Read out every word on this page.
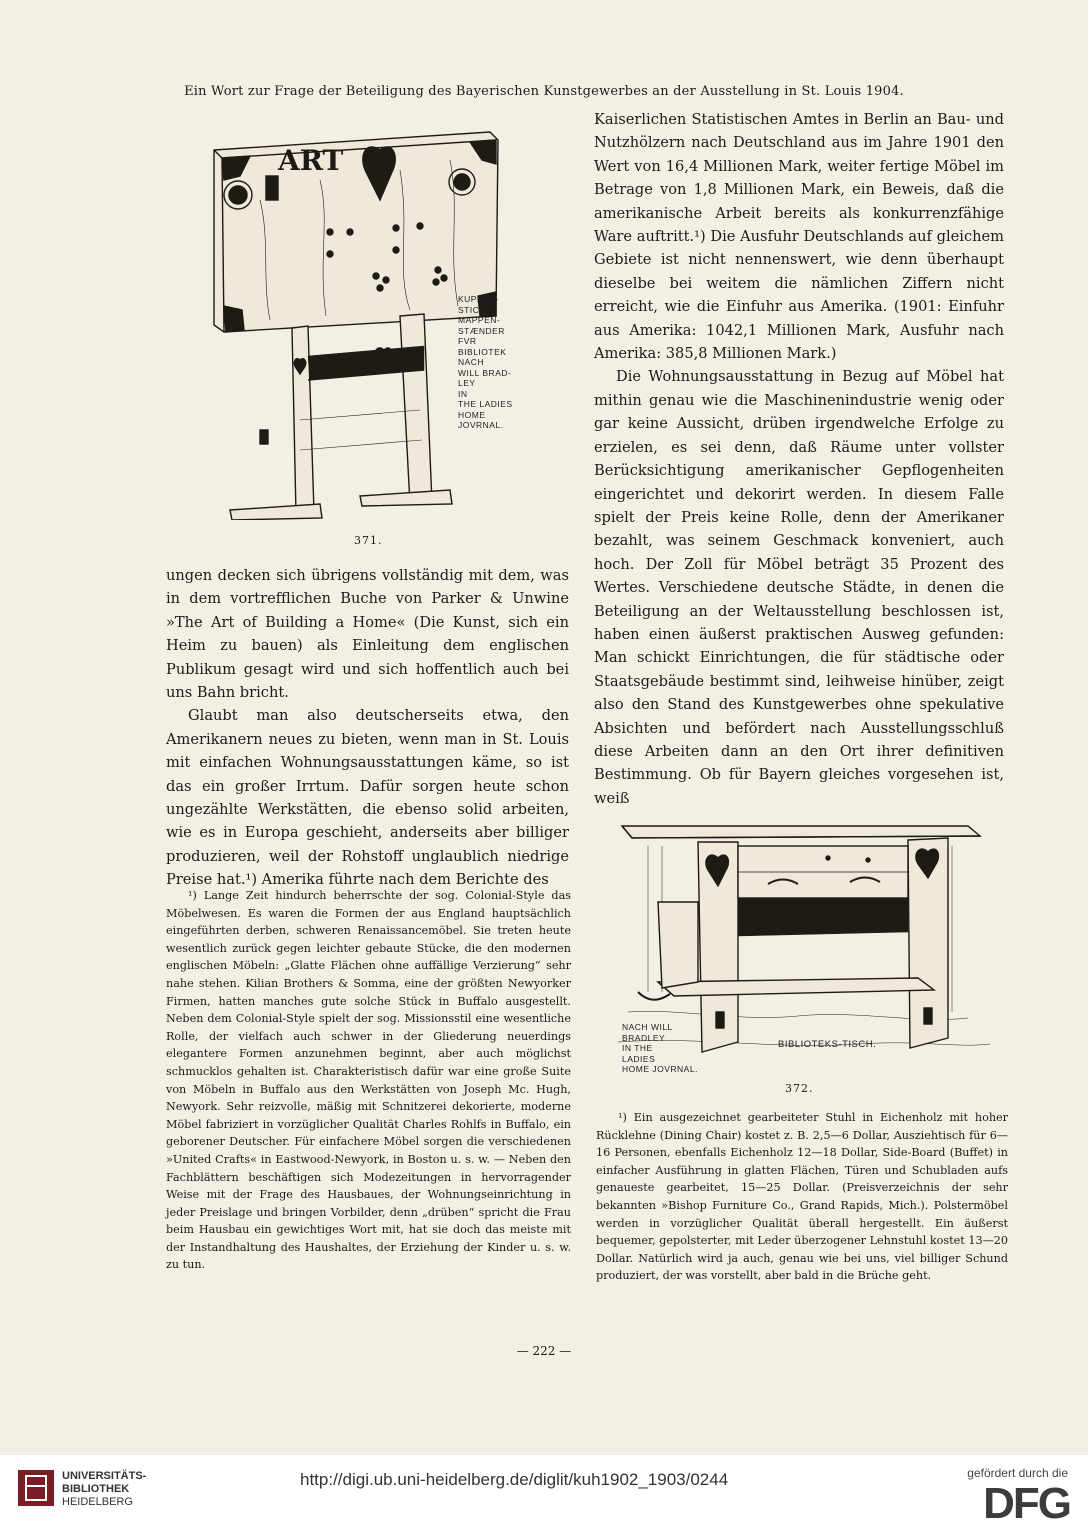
Ein Wort zur Frage der Beteiligung des Bayerischen Kunstgewerbes an der Ausstellung in St. Louis 1904.
ART
KUPFER-
STICH-
MAPPEN-
STÆNDER
FVR
BIBLIOTEK
NACH
WILL BRAD-
LEY
IN
THE LADIES
HOME
JOVRNAL.
371.

ungen decken sich übrigens vollständig mit dem, was in dem vortrefflichen Buche von Parker & Unwine »The Art of Building a Home« (Die Kunst, sich ein Heim zu bauen) als Einleitung dem englischen Publikum gesagt wird und sich hoffentlich auch bei uns Bahn bricht.

Glaubt man also deutscherseits etwa, den Amerikanern neues zu bieten, wenn man in St. Louis mit einfachen Wohnungsausstattungen käme, so ist das ein großer Irrtum. Dafür sorgen heute schon ungezählte Werkstätten, die ebenso solid arbeiten, wie es in Europa geschieht, anderseits aber billiger produzieren, weil der Rohstoff unglaublich niedrige Preise hat.¹) Amerika führte nach dem Berichte des

¹) Lange Zeit hindurch beherrschte der sog. Colonial-Style das Möbelwesen. Es waren die Formen der aus England hauptsächlich eingeführten derben, schweren Renaissancemöbel. Sie treten heute wesentlich zurück gegen leichter gebaute Stücke, die den modernen englischen Möbeln: „Glatte Flächen ohne auffällige Verzierung“ sehr nahe stehen. Kilian Brothers & Somma, eine der größten Newyorker Firmen, hatten manches gute solche Stück in Buffalo ausgestellt. Neben dem Colonial-Style spielt der sog. Missionsstil eine wesentliche Rolle, der vielfach auch schwer in der Gliederung neuerdings elegantere Formen anzunehmen beginnt, aber auch möglichst schmucklos gehalten ist. Charakteristisch dafür war eine große Suite von Möbeln in Buffalo aus den Werkstätten von Joseph Mc. Hugh, Newyork. Sehr reizvolle, mäßig mit Schnitzerei dekorierte, moderne Möbel fabriziert in vorzüglicher Qualität Charles Rohlfs in Buffalo, ein geborener Deutscher. Für einfachere Möbel sorgen die verschiedenen »United Crafts« in Eastwood-Newyork, in Boston u. s. w. — Neben den Fachblättern beschäftigen sich Modezeitungen in hervorragender Weise mit der Frage des Hausbaues, der Wohnungseinrichtung in jeder Preislage und bringen Vorbilder, denn „drüben“ spricht die Frau beim Hausbau ein gewichtiges Wort mit, hat sie doch das meiste mit der Instandhaltung des Haushaltes, der Erziehung der Kinder u. s. w. zu tun.

Kaiserlichen Statistischen Amtes in Berlin an Bau- und Nutzhölzern nach Deutschland aus im Jahre 1901 den Wert von 16,4 Millionen Mark, weiter fertige Möbel im Betrage von 1,8 Millionen Mark, ein Beweis, daß die amerikanische Arbeit bereits als konkurrenzfähige Ware auftritt.¹) Die Ausfuhr Deutschlands auf gleichem Gebiete ist nicht nennenswert, wie denn überhaupt dieselbe bei weitem die nämlichen Ziffern nicht erreicht, wie die Einfuhr aus Amerika. (1901: Einfuhr aus Amerika: 1042,1 Millionen Mark, Ausfuhr nach Amerika: 385,8 Millionen Mark.)

Die Wohnungsausstattung in Bezug auf Möbel hat mithin genau wie die Maschinenindustrie wenig oder gar keine Aussicht, drüben irgendwelche Erfolge zu erzielen, es sei denn, daß Räume unter vollster Berücksichtigung amerikanischer Gepflogenheiten eingerichtet und dekorirt werden. In diesem Falle spielt der Preis keine Rolle, denn der Amerikaner bezahlt, was seinem Geschmack konveniert, auch hoch. Der Zoll für Möbel beträgt 35 Prozent des Wertes. Verschiedene deutsche Städte, in denen die Beteiligung an der Weltausstellung beschlossen ist, haben einen äußerst praktischen Ausweg gefunden: Man schickt Einrichtungen, die für städtische oder Staatsgebäude bestimmt sind, leihweise hinüber, zeigt also den Stand des Kunstgewerbes ohne spekulative Absichten und befördert nach Ausstellungsschluß diese Arbeiten dann an den Ort ihrer definitiven Bestimmung. Ob für Bayern gleiches vorgesehen ist, weiß

NACH WILL
BRADLEY
IN THE
LADIES
HOME JOVRNAL.
BIBLIOTEKS-TISCH.
372.

¹) Ein ausgezeichnet gearbeiteter Stuhl in Eichenholz mit hoher Rücklehne (Dining Chair) kostet z. B. 2,5—6 Dollar, Ausziehtisch für 6—16 Personen, ebenfalls Eichenholz 12—18 Dollar, Side-Board (Buffet) in einfacher Ausführung in glatten Flächen, Türen und Schubladen aufs genaueste gearbeitet, 15—25 Dollar. (Preisverzeichnis der sehr bekannten »Bishop Furniture Co., Grand Rapids, Mich.). Polstermöbel werden in vorzüglicher Qualität überall hergestellt. Ein äußerst bequemer, gepolsterter, mit Leder überzogener Lehnstuhl kostet 13—20 Dollar. Natürlich wird ja auch, genau wie bei uns, viel billiger Schund produziert, der was vorstellt, aber bald in die Brüche geht.

— 222 —
UNIVERSITÄTS-
BIBLIOTHEK
HEIDELBERG
http://digi.ub.uni-heidelberg.de/diglit/kuh1902_1903/0244	gefördert durch die
DFG
